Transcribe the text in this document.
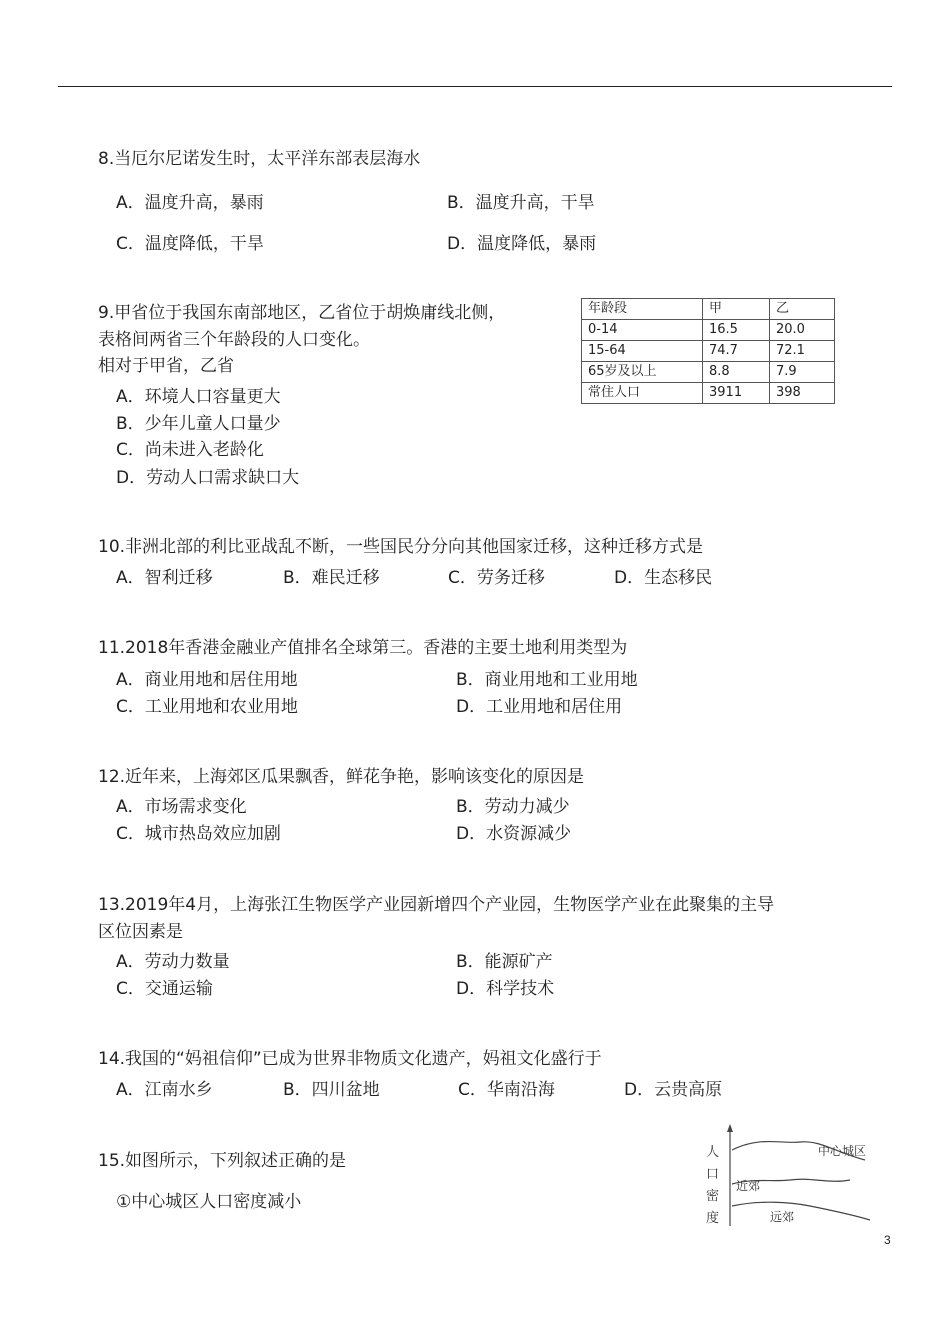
8.当厄尔尼诺发生时，太平洋东部表层海水
A．温度升高，暴雨	B．温度升高，干旱
C．温度降低，干旱	D．温度降低，暴雨
9.甲省位于我国东南部地区，乙省位于胡焕庸线北侧，
表格间两省三个年龄段的人口变化。
相对于甲省，乙省
A．环境人口容量更大
B．少年儿童人口量少
C．尚未进入老龄化
D．劳动人口需求缺口大
年龄段	甲	乙
0-14	16.5	20.0
15-64	74.7	72.1
65岁及以上	8.8	7.9
常住人口	3911	398
10.非洲北部的利比亚战乱不断，一些国民分分向其他国家迁移，这种迁移方式是
A．智利迁移	B．难民迁移	C．劳务迁移	D．生态移民
11.2018年香港金融业产值排名全球第三。香港的主要土地利用类型为
A．商业用地和居住用地	B．商业用地和工业用地
C．工业用地和农业用地	D．工业用地和居住用
12.近年来，上海郊区瓜果飘香，鲜花争艳，影响该变化的原因是
A．市场需求变化	B．劳动力减少
C．城市热岛效应加剧	D．水资源减少
13.2019年4月，上海张江生物医学产业园新增四个产业园，生物医学产业在此聚集的主导
区位因素是
A．劳动力数量	B．能源矿产
C．交通运输	D．科学技术
14.我国的“妈祖信仰”已成为世界非物质文化遗产，妈祖文化盛行于
A．江南水乡	B．四川盆地	C．华南沿海	D．云贵高原
15.如图所示，下列叙述正确的是
①中心城区人口密度减小
人
口
密
度
中心城区
近郊
远郊
3
